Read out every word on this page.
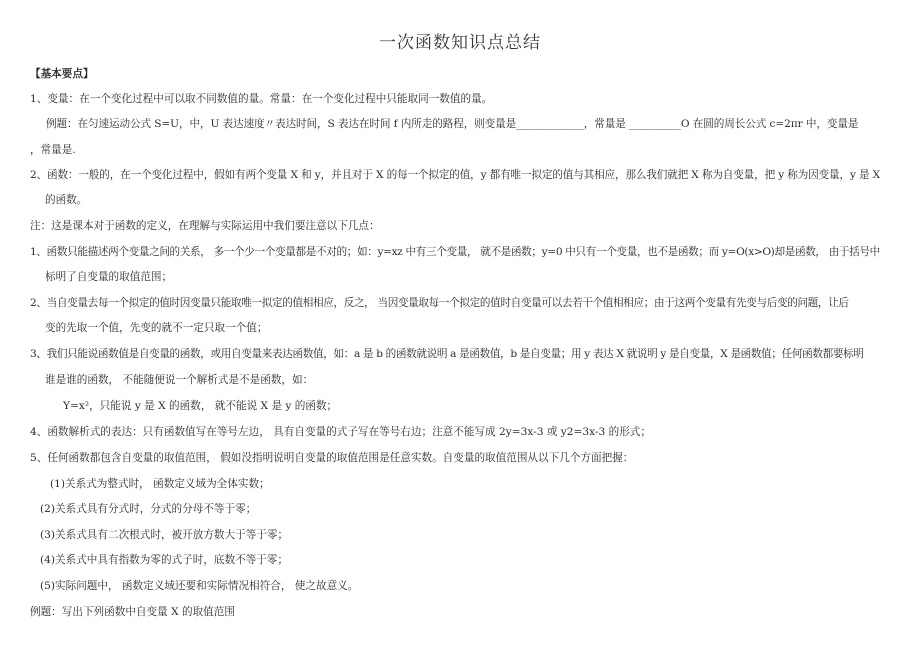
一次函数知识点总结
【基本要点】
1、变量：在一个变化过程中可以取不同数值的量。常量：在一个变化过程中只能取同一数值的量。
例题：在匀速运动公式 S=U，中，U 表达速度〃表达时间，S 表达在时间 f 内所走的路程，则变量是_____________，常量是 __________O 在圆的周长公式 c=2πr 中，变量是
，常量是.
2、函数：一般的，在一个变化过程中，假如有两个变量 X 和 y，并且对于 X 的每一个拟定的值，y 都有唯一拟定的值与其相应，那么我们就把 X 称为自变量，把 y 称为因变量，y 是 X
的函数。
注：这是课本对于函数的定义，在理解与实际运用中我们要注意以下几点：
1、函数只能描述两个变量之间的关系， 多一个少一个变量都是不对的；如：y=xz 中有三个变量， 就不是函数；y=0 中只有一个变量，也不是函数；而 y=O(x>O)却是函数， 由于括号中
标明了自变量的取值范围；
2、当自变量去每一个拟定的值时因变量只能取唯一拟定的值相相应，反之， 当因变量取每一个拟定的值时自变量可以去若干个值相相应；由于这两个变量有先变与后变的问题，让后
变的先取一个值，先变的就不一定只取一个值；
3、我们只能说函数值是自变量的函数，或用自变量来表达函数值，如：a 是 b 的函数就说明 a 是函数值，b 是自变量；用 y 表达 X 就说明 y 是自变量，X 是函数值；任何函数都要标明
谁是谁的函数， 不能随便说一个解析式是不是函数，如：
Y=x²，只能说 y 是 X 的函数， 就不能说 X 是 y 的函数；
4、函数解析式的表达：只有函数值写在等号左边， 具有自变量的式子写在等号右边；注意不能写成 2y=3x-3 或 y2=3x-3 的形式；
5、任何函数都包含自变量的取值范围， 假如没指明说明自变量的取值范围是任意实数。自变量的取值范围从以下几个方面把握：
(1)关系式为整式时， 函数定义域为全体实数；
(2)关系式具有分式时，分式的分母不等于零；
(3)关系式具有二次根式时，被开放方数大于等于零；
(4)关系式中具有指数为零的式子时，底数不等于零；
(5)实际问题中， 函数定义域还要和实际情况相符合， 使之故意义。
例题：写出下列函数中自变量 X 的取值范围
